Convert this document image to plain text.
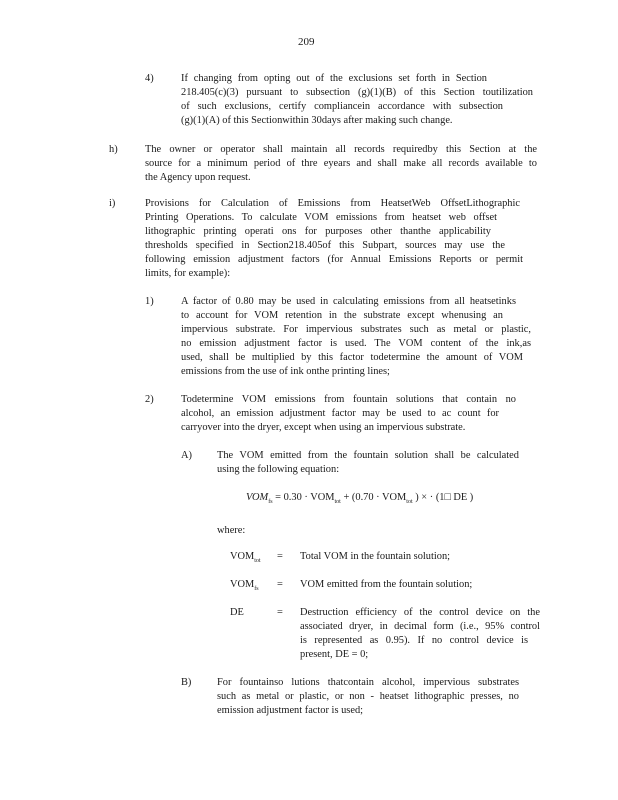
209
4)	If changing from opting out of the exclusions set forth in Section
218.405(c)(3) pursuant to subsection (g)(1)(B) of this Section toutilization
of such exclusions, certify compliancein accordance with subsection
(g)(1)(A) of this Sectionwithin 30days after making such change.
h)	The owner or operator shall maintain all records requiredby this Section at the
source for a minimum period of thre eyears and shall make all records available to
the Agency upon request.
i)	Provisions for Calculation of Emissions from HeatsetWeb OffsetLithographic
Printing Operations. To calculate VOM emissions from heatset web offset
lithographic printing operati ons for purposes other thanthe applicability
thresholds specified in Section218.405of this Subpart, sources may use the
following emission adjustment factors (for Annual Emissions Reports or permit
limits, for example):
1)	A factor of 0.80 may be used in calculating emissions from all heatsetinks
to account for VOM retention in the substrate except whenusing an
impervious substrate. For impervious substrates such as metal or plastic,
no emission adjustment factor is used. The VOM content of the ink,as
used, shall be multiplied by this factor todetermine the amount of VOM
emissions from the use of ink onthe printing lines;
2)	Todetermine VOM emissions from fountain solutions that contain no
alcohol, an emission adjustment factor may be used to ac count for
carryover into the dryer, except when using an impervious substrate.
A) The VOM emitted from the fountain solution shall be calculated
using the following equation:
$VOM_{fs} = 0.30 \cdot VOM_{tot} + (0.70 \cdot VOM_{tot}$ ) × · (1□ DE )
where:
$VOM_{tot}$ = Total VOM in the fountain solution;
$VOM_{fs}$ = VOM emitted from the fountain solution;
DE	= Destruction efficiency of the control device on the
associated dryer, in decimal form (i.e., 95% control
is represented as 0.95). If no control device is
present, DE = 0;
B) For fountainso lutions thatcontain alcohol, impervious substrates
such as metal or plastic, or non - heatset lithographic presses, no
emission adjustment factor is used;
